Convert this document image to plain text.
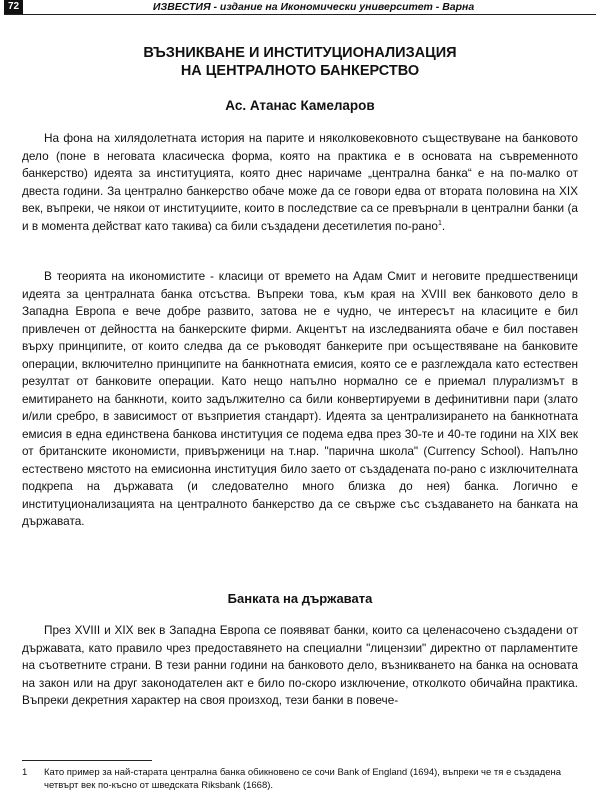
72	ИЗВЕСТИЯ - издание на Икономически университет - Варна
ВЪЗНИКВАНЕ И ИНСТИТУЦИОНАЛИЗАЦИЯ
НА ЦЕНТРАЛНОТО БАНКЕРСТВО
Ас. Атанас Камеларов

На фона на хилядолетната история на парите и няколковековното съществуване на банковото дело (поне в неговата класическа форма, която на практика е в основата на съвременното банкерство) идеята за институцията, която днес наричаме „централна банка“ е на по-малко от двеста години. За централно банкерство обаче може да се говори едва от втората половина на XIX век, въпреки, че някои от институциите, които в последствие са се превърнали в централни банки (а и в момента действат като такива) са били създадени десетилетия по-рано$^1$.

В теорията на икономистите - класици от времето на Адам Смит и неговите предшественици идеята за централната банка отсъства. Въпреки това, към края на XVIII век банковото дело в Западна Европа е вече добре развито, затова не е чудно, че интересът на класиците е бил привлечен от дейността на банкерските фирми. Акцентът на изследванията обаче е бил поставен върху принципите, от които следва да се ръководят банкерите при осъществяване на банковите операции, включително принципите на банкнотната емисия, която се е разглеждала като естествен резултат от банковите операции. Като нещо напълно нормално се е приемал плурализмът в емитирането на банкноти, които задължително са били конвертируеми в дефинитивни пари (злато и/или сребро, в зависимост от възприетия стандарт). Идеята за централизирането на банкнотната емисия в една единствена банкова институция се подема едва през 30-те и 40-те години на XIX век от британските икономисти, привърженици на т.нар. "парична школа" (Currency School). Напълно естествено мястото на емисионна институция било заето от създадената по-рано с изключителната подкрепа на държавата (и следователно много близка до нея) банка. Логично е институционализацията на централното банкерство да се свърже със създаването на банката на държавата.

Банката на държавата

През XVIII и XIX век в Западна Европа се появяват банки, които са целенасочено създадени от държавата, като правило чрез предоставянето на специални "лицензии" директно от парламентите на съответните страни. В тези ранни години на банковото дело, възникването на банка на основата на закон или на друг законодателен акт е било по-скоро изключение, отколкото обичайна практика. Въпреки декретния характер на своя произход, тези банки в повече-

1	Като пример за най-старата централна банка обикновено се сочи Bank of England (1694), въпреки че тя е създадена четвърт век по-късно от шведската Riksbank (1668).
